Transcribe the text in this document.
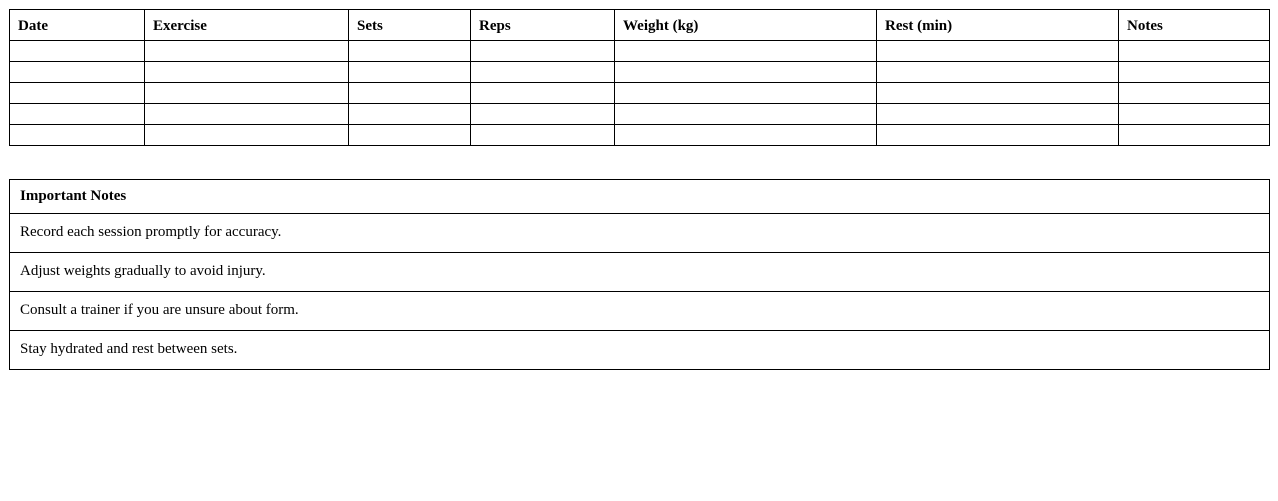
Date	Exercise	Sets	Reps	Weight (kg)	Rest (min)	Notes

Important Notes
Record each session promptly for accuracy.
Adjust weights gradually to avoid injury.
Consult a trainer if you are unsure about form.
Stay hydrated and rest between sets.
